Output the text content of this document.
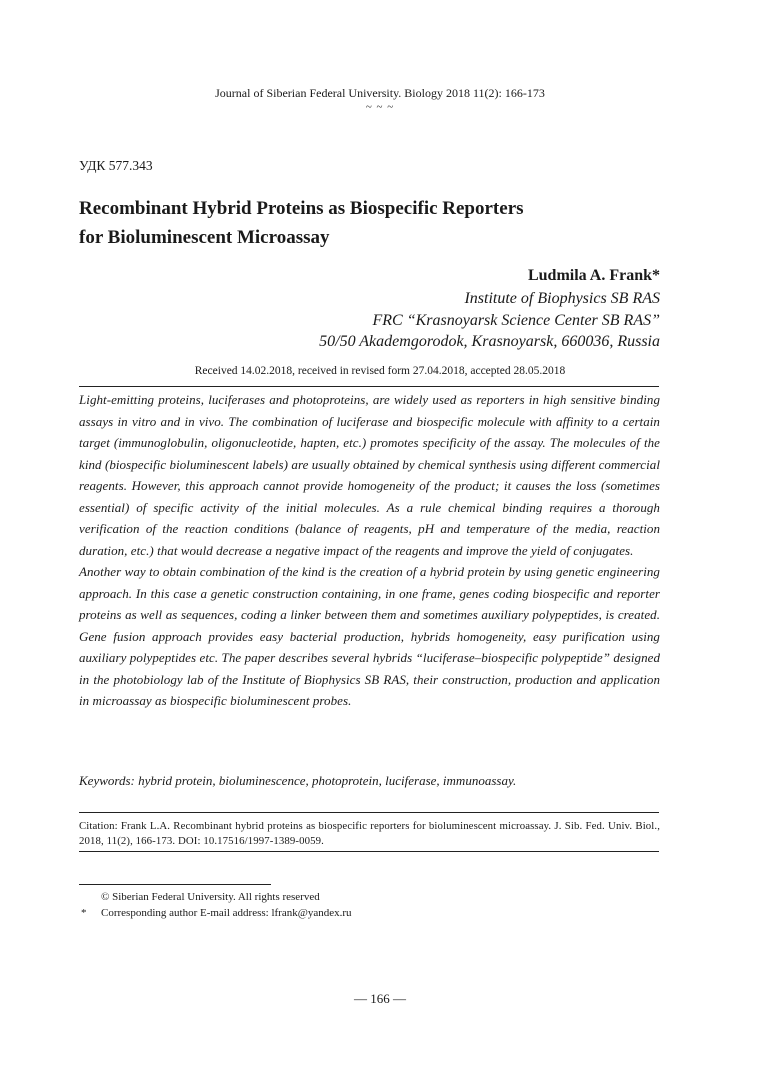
Journal of Siberian Federal University. Biology 2018 11(2): 166-173
~ ~ ~
УДК 577.343
Recombinant Hybrid Proteins as Biospecific Reporters
for Bioluminescent Microassay
Ludmila A. Frank*
Institute of Biophysics SB RAS
FRC “Krasnoyarsk Science Center SB RAS”
50/50 Akademgorodok, Krasnoyarsk, 660036, Russia
Received 14.02.2018, received in revised form 27.04.2018, accepted 28.05.2018

Light-emitting proteins, luciferases and photoproteins, are widely used as reporters in high sensitive binding assays in vitro and in vivo. The combination of luciferase and biospecific molecule with affinity to a certain target (immunoglobulin, oligonucleotide, hapten, etc.) promotes specificity of the assay. The molecules of the kind (biospecific bioluminescent labels) are usually obtained by chemical synthesis using different commercial reagents. However, this approach cannot provide homogeneity of the product; it causes the loss (sometimes essential) of specific activity of the initial molecules. As a rule chemical binding requires a thorough verification of the reaction conditions (balance of reagents, pH and temperature of the media, reaction duration, etc.) that would decrease a negative impact of the reagents and improve the yield of conjugates.

Another way to obtain combination of the kind is the creation of a hybrid protein by using genetic engineering approach. In this case a genetic construction containing, in one frame, genes coding biospecific and reporter proteins as well as sequences, coding a linker between them and sometimes auxiliary polypeptides, is created. Gene fusion approach provides easy bacterial production, hybrids homogeneity, easy purification using auxiliary polypeptides etc. The paper describes several hybrids “luciferase–biospecific polypeptide” designed in the photobiology lab of the Institute of Biophysics SB RAS, their construction, production and application in microassay as biospecific bioluminescent probes.

Keywords: hybrid protein, bioluminescence, photoprotein, luciferase, immunoassay.
Citation: Frank L.A. Recombinant hybrid proteins as biospecific reporters for bioluminescent microassay. J. Sib. Fed. Univ. Biol., 2018, 11(2), 166-173. DOI: 10.17516/1997-1389-0059.
© Siberian Federal University. All rights reserved
* Corresponding author E-mail address: lfrank@yandex.ru
— 166 —
